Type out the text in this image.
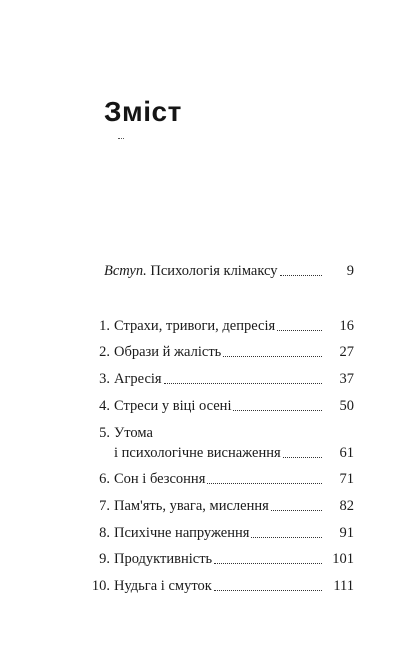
Зміст
Вступ. Психологія клімаксу	9
1. Страхи, тривоги, депресія	16
2. Образи й жалість	27
3. Агресія	37
4. Стреси у віці осені	50
5. Утома
і психологічне виснаження	61
6. Сон і безсоння	71
7. Пам'ять, увага, мислення	82
8. Психічне напруження	91
9. Продуктивність	101
10. Нудьга і смуток	111
